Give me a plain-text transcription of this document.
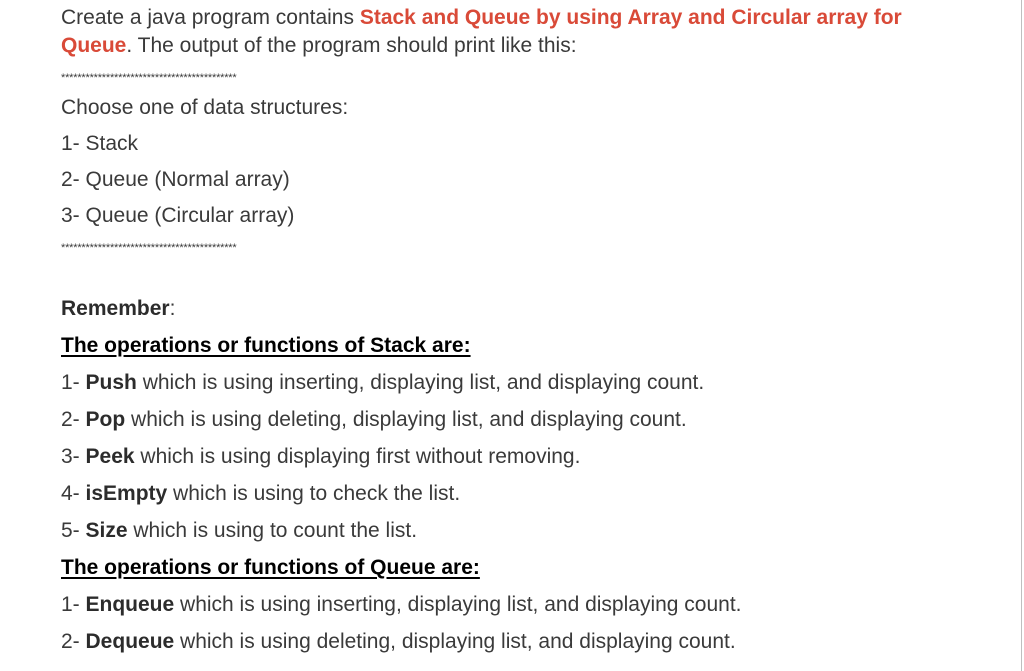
Create a java program contains Stack and Queue by using Array and Circular array for
Queue. The output of the program should print like this:
*******************************************
Choose one of data structures:
1- Stack
2- Queue (Normal array)
3- Queue (Circular array)
*******************************************
Remember:
The operations or functions of Stack are:
1- Push which is using inserting, displaying list, and displaying count.
2- Pop which is using deleting, displaying list, and displaying count.
3- Peek which is using displaying first without removing.
4- isEmpty which is using to check the list.
5- Size which is using to count the list.
The operations or functions of Queue are:
1- Enqueue which is using inserting, displaying list, and displaying count.
2- Dequeue which is using deleting, displaying list, and displaying count.
